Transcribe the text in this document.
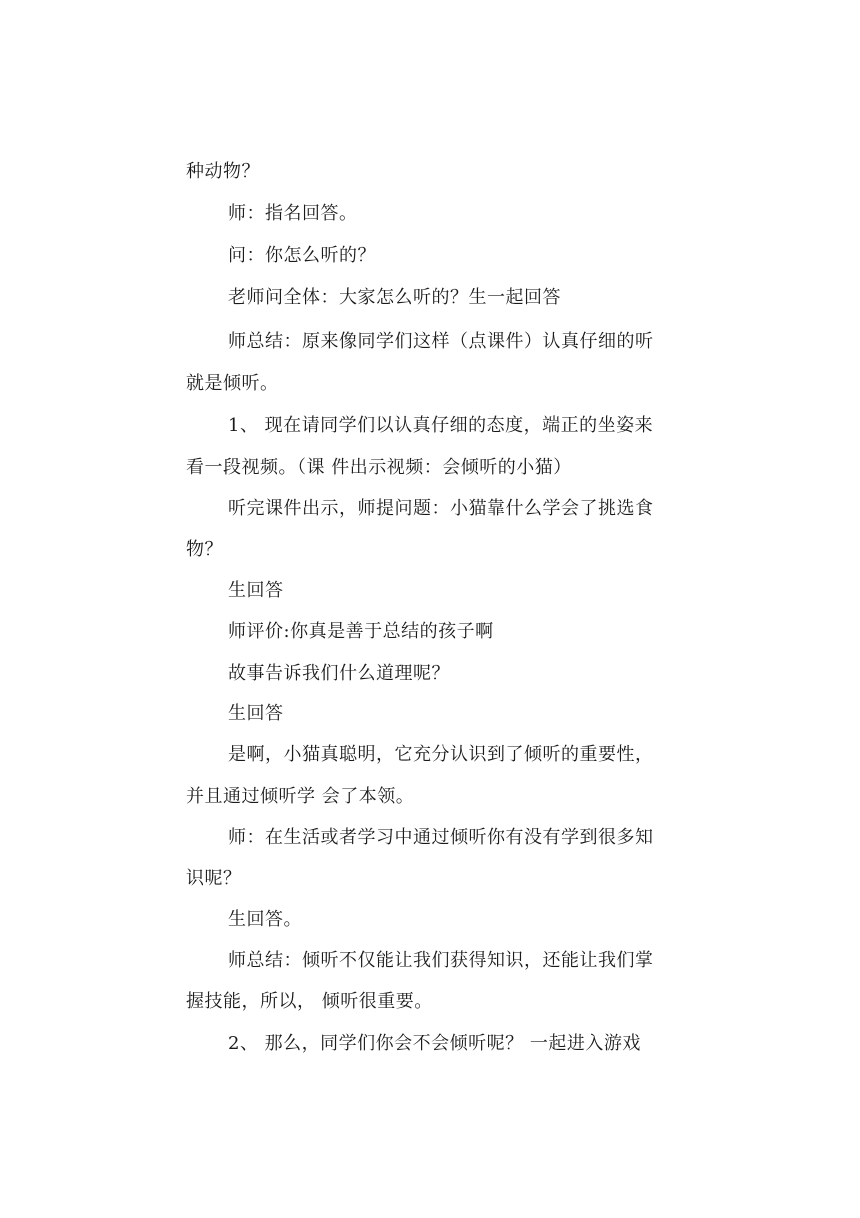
种动物？
师：指名回答。
问：你怎么听的？
老师问全体：大家怎么听的？生一起回答
师总结：原来像同学们这样（点课件）认真仔细的听
就是倾听。
1、 现在请同学们以认真仔细的态度，端正的坐姿来
看一段视频。（课 件出示视频：会倾听的小猫）
听完课件出示，师提问题：小猫靠什么学会了挑选食
物？
生回答
师评价:你真是善于总结的孩子啊
故事告诉我们什么道理呢？
生回答
是啊，小猫真聪明，它充分认识到了倾听的重要性，
并且通过倾听学 会了本领。
师：在生活或者学习中通过倾听你有没有学到很多知
识呢？
生回答。
师总结：倾听不仅能让我们获得知识，还能让我们掌
握技能，所以， 倾听很重要。
2、 那么，同学们你会不会倾听呢？ 一起进入游戏
